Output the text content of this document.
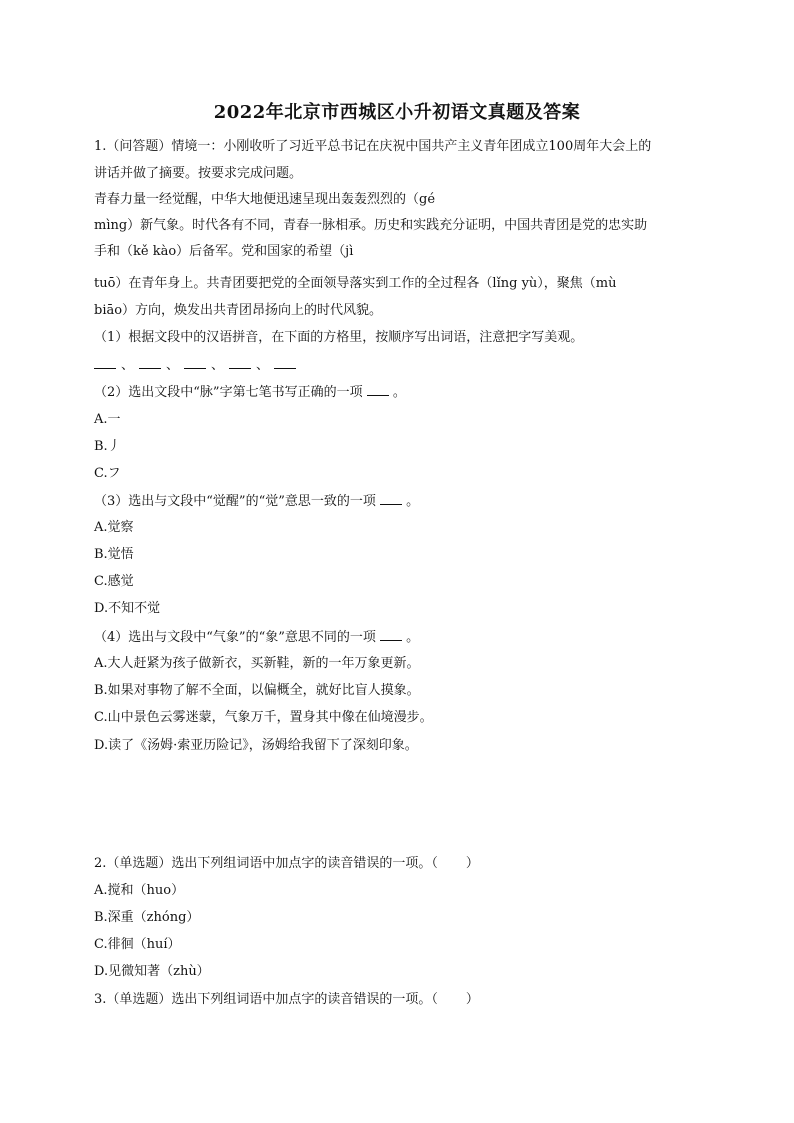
2022年北京市西城区小升初语文真题及答案
1.（问答题）情境一：小刚收听了习近平总书记在庆祝中国共产主义青年团成立100周年大会上的
讲话并做了摘要。按要求完成问题。
青春力量一经觉醒，中华大地便迅速呈现出轰轰烈烈的（gé
mìng）新气象。时代各有不同，青春一脉相承。历史和实践充分证明，中国共青团是党的忠实助
手和（kě kào）后备军。党和国家的希望（jì
tuō）在青年身上。共青团要把党的全面领导落实到工作的全过程各（lǐng yù），聚焦（mù
biāo）方向，焕发出共青团昂扬向上的时代风貌。
（1）根据文段中的汉语拼音，在下面的方格里，按顺序写出词语，注意把字写美观。
、 、 、 、
（2）选出文段中“脉”字第七笔书写正确的一项 。
A.一
B.丿
C.フ
（3）选出与文段中“觉醒”的“觉”意思一致的一项 。
A.觉察
B.觉悟
C.感觉
D.不知不觉
（4）选出与文段中“气象”的“象”意思不同的一项 。
A.大人赶紧为孩子做新衣，买新鞋，新的一年万象更新。
B.如果对事物了解不全面，以偏概全，就好比盲人摸象。
C.山中景色云雾迷蒙，气象万千，置身其中像在仙境漫步。
D.读了《汤姆·索亚历险记》，汤姆给我留下了深刻印象。
2.（单选题）选出下列组词语中加点字的读音错误的一项。（ ）
A.搅和（huo）
B.深重（zhóng）
C.徘徊（huí）
D.见微知著（zhù）
3.（单选题）选出下列组词语中加点字的读音错误的一项。（ ）
